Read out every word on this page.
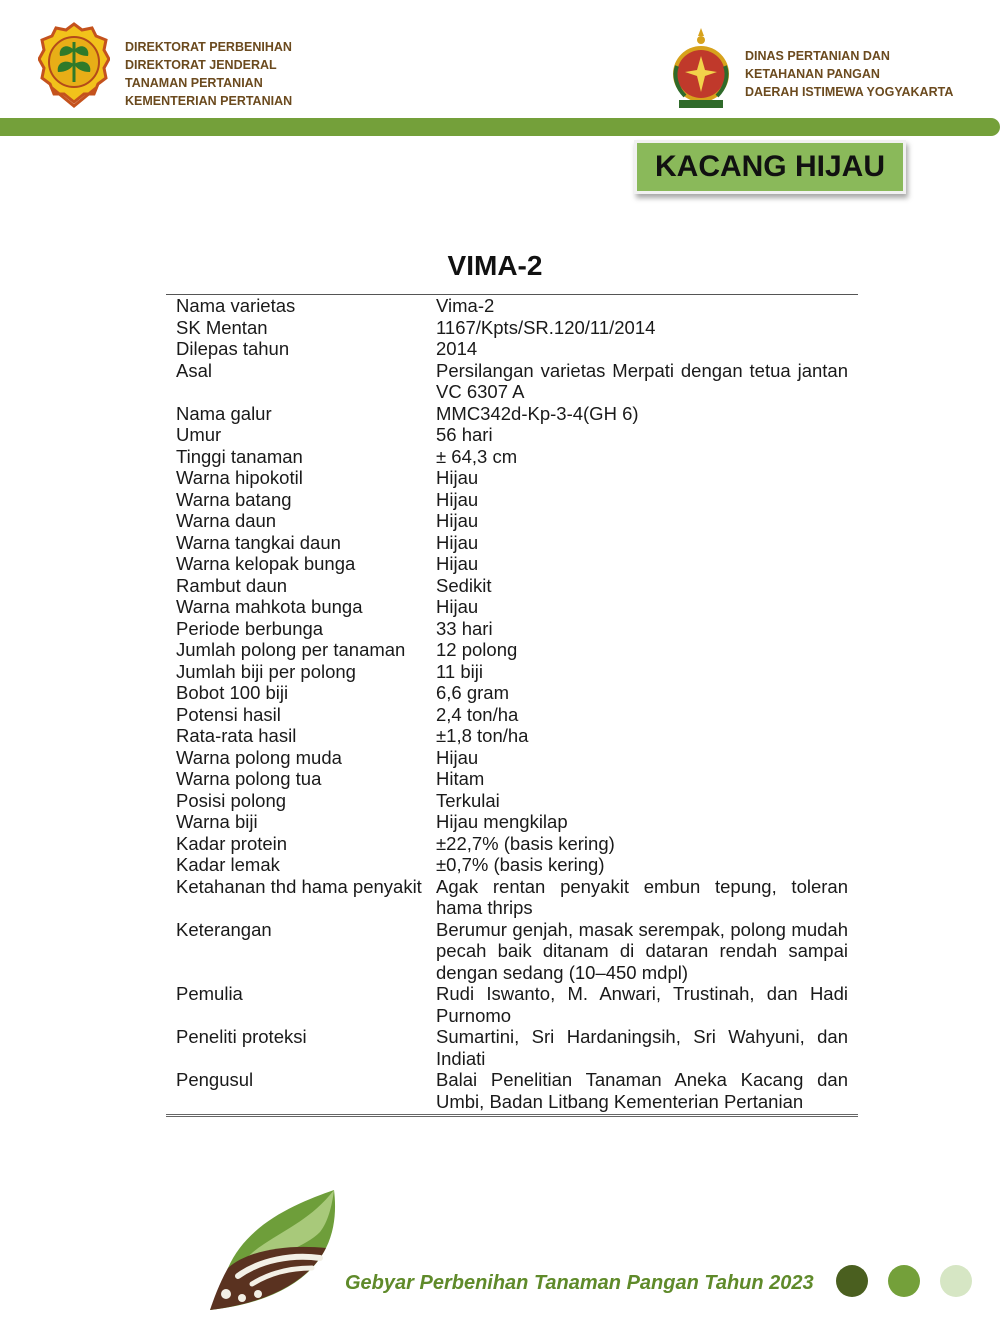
DIREKTORAT PERBENIHAN
DIREKTORAT JENDERAL
TANAMAN PERTANIAN
KEMENTERIAN PERTANIAN
DINAS PERTANIAN DAN
KETAHANAN PANGAN
DAERAH ISTIMEWA YOGYAKARTA
KACANG HIJAU
VIMA-2
Nama varietas	Vima-2
SK Mentan	1167/Kpts/SR.120/11/2014
Dilepas tahun	2014
Asal	Persilangan varietas Merpati dengan tetua jantan VC 6307 A
Nama galur	MMC342d-Kp-3-4(GH 6)
Umur	56 hari
Tinggi tanaman	± 64,3 cm
Warna hipokotil	Hijau
Warna batang	Hijau
Warna daun	Hijau
Warna tangkai daun	Hijau
Warna kelopak bunga	Hijau
Rambut daun	Sedikit
Warna mahkota bunga	Hijau
Periode berbunga	33 hari
Jumlah polong per tanaman	12 polong
Jumlah biji per polong	11 biji
Bobot 100 biji	6,6 gram
Potensi hasil	2,4 ton/ha
Rata-rata hasil	±1,8 ton/ha
Warna polong muda	Hijau
Warna polong tua	Hitam
Posisi polong	Terkulai
Warna biji	Hijau mengkilap
Kadar protein	±22,7% (basis kering)
Kadar lemak	±0,7% (basis kering)
Ketahanan thd hama penyakit	Agak rentan penyakit embun tepung, toleran hama thrips
Keterangan	Berumur genjah, masak serempak, polong mudah pecah baik ditanam di dataran rendah sampai dengan sedang (10–450 mdpl)
Pemulia	Rudi Iswanto, M. Anwari, Trustinah, dan Hadi Purnomo
Peneliti proteksi	Sumartini, Sri Hardaningsih, Sri Wahyuni, dan Indiati
Pengusul	Balai Penelitian Tanaman Aneka Kacang dan Umbi, Badan Litbang Kementerian Pertanian
Gebyar Perbenihan Tanaman Pangan Tahun 2023
